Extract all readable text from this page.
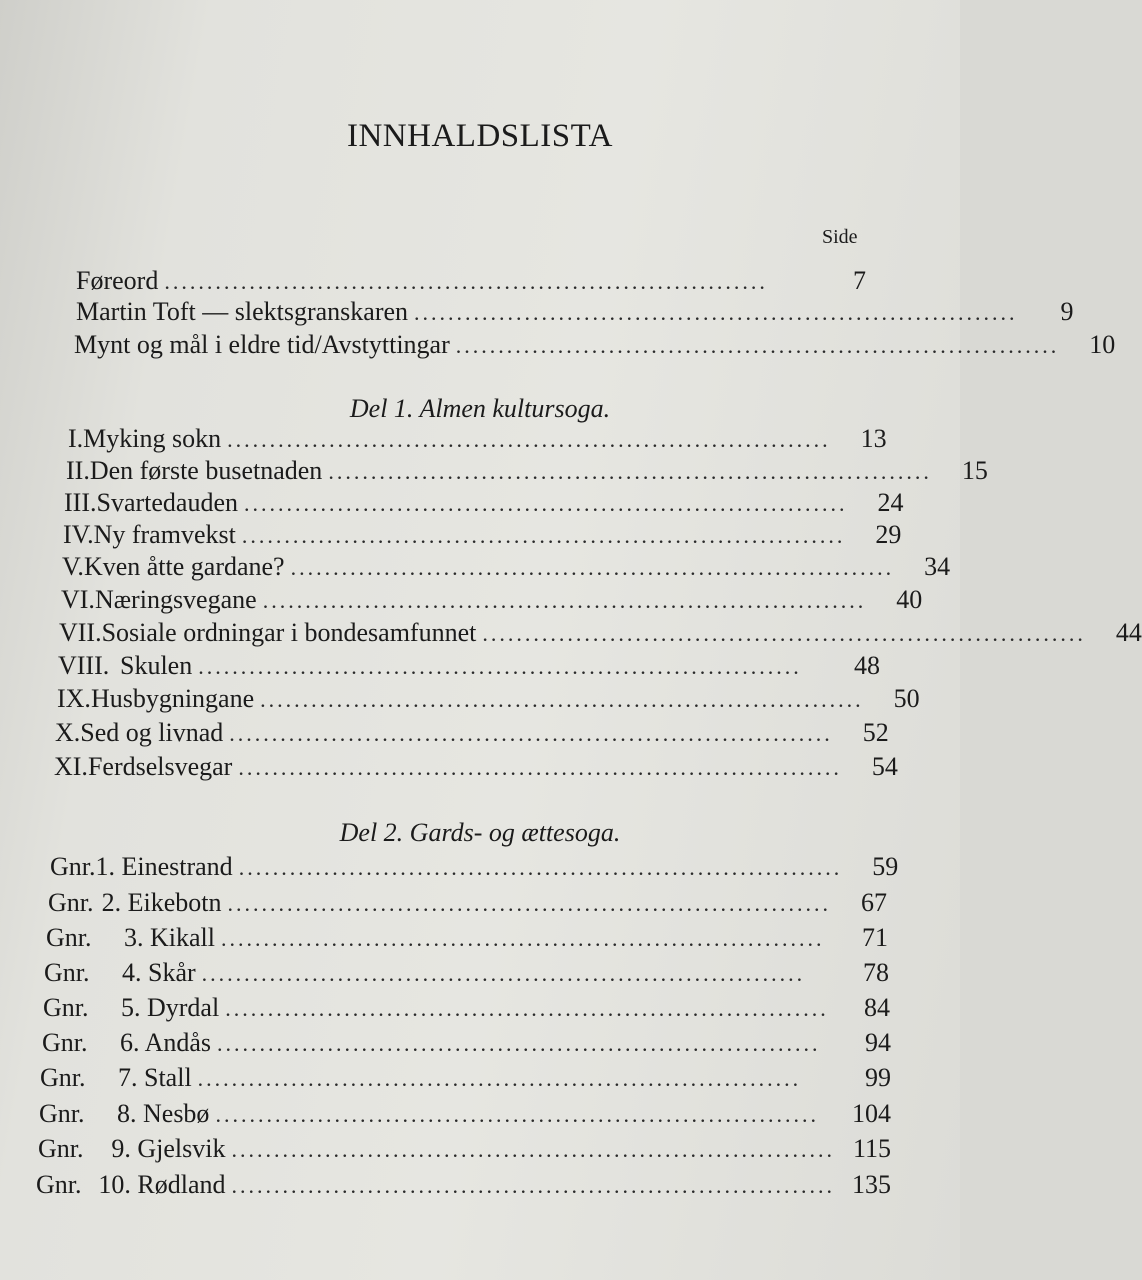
INNHALDSLISTA
Side
Føreord .......................................................................	7
Martin Toft — slektsgranskaren .......................................................................	9
Mynt og mål i eldre tid/Avstyttingar .......................................................................	10
Del 1. Almen kultursoga.
I. Myking sokn .......................................................................	13
II. Den første busetnaden .......................................................................	15
III. Svartedauden .......................................................................	24
IV. Ny framvekst .......................................................................	29
V. Kven åtte gardane? .......................................................................	34
VI. Næringsvegane .......................................................................	40
VII. Sosiale ordningar i bondesamfunnet .......................................................................	44
VIII. Skulen .......................................................................	48
IX. Husbygningane .......................................................................	50
X. Sed og livnad .......................................................................	52
XI. Ferdselsvegar .......................................................................	54
Del 2. Gards- og ættesoga.
Gnr. 1. Einestrand .......................................................................	59
Gnr. 2. Eikebotn .......................................................................	67
Gnr.	3. Kikall .......................................................................	71
Gnr.	4. Skår .......................................................................	78
Gnr.	5. Dyrdal .......................................................................	84
Gnr.	6. Andås .......................................................................	94
Gnr.	7. Stall .......................................................................	99
Gnr.	8. Nesbø .......................................................................	104
Gnr.	9. Gjelsvik ....................................................................... 115
Gnr. 10. Rødland ....................................................................... 135
